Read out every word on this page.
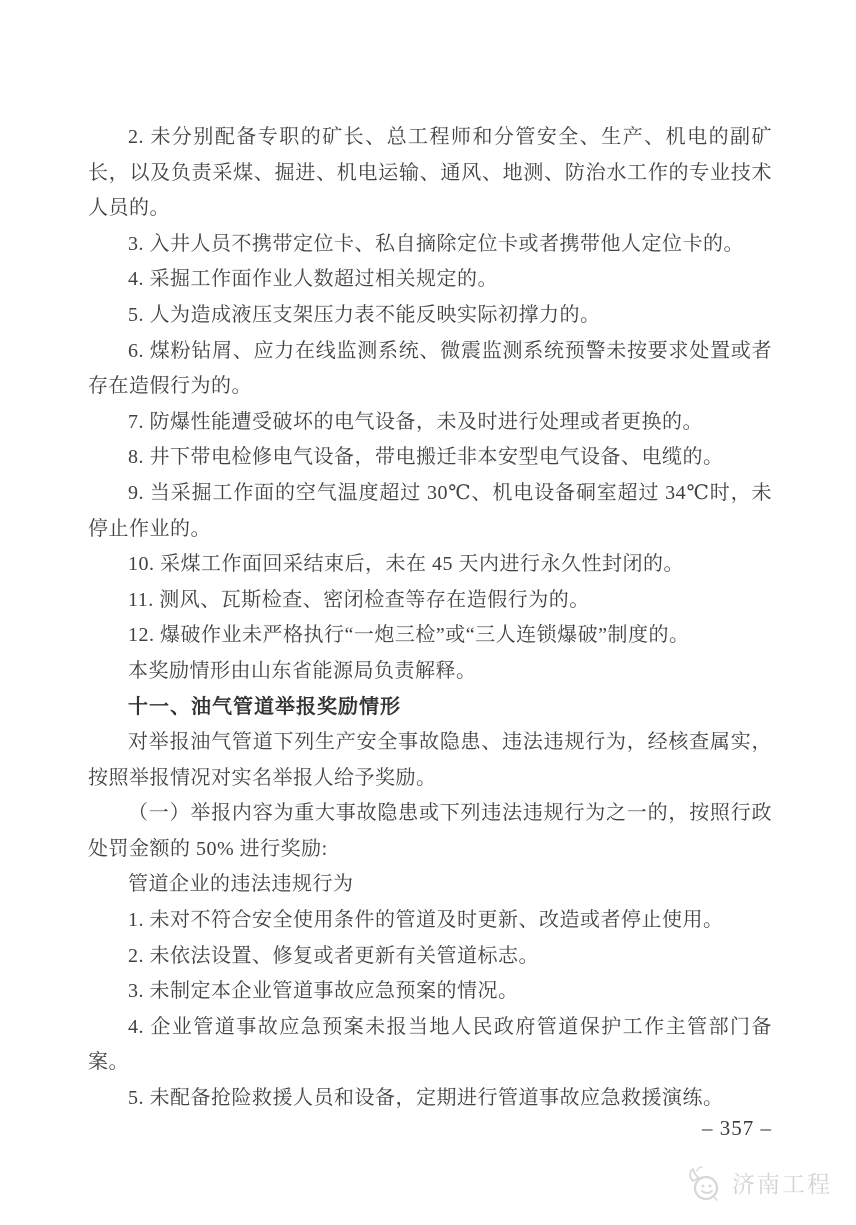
2. 未分别配备专职的矿长、总工程师和分管安全、生产、机电的副矿长，以及负责采煤、掘进、机电运输、通风、地测、防治水工作的专业技术人员的。

3. 入井人员不携带定位卡、私自摘除定位卡或者携带他人定位卡的。

4. 采掘工作面作业人数超过相关规定的。

5. 人为造成液压支架压力表不能反映实际初撑力的。

6. 煤粉钻屑、应力在线监测系统、微震监测系统预警未按要求处置或者存在造假行为的。

7. 防爆性能遭受破坏的电气设备，未及时进行处理或者更换的。

8. 井下带电检修电气设备，带电搬迁非本安型电气设备、电缆的。

9. 当采掘工作面的空气温度超过 30℃、机电设备硐室超过 34℃时，未停止作业的。

10. 采煤工作面回采结束后，未在 45 天内进行永久性封闭的。

11. 测风、瓦斯检查、密闭检查等存在造假行为的。

12. 爆破作业未严格执行“一炮三检”或“三人连锁爆破”制度的。

本奖励情形由山东省能源局负责解释。

十一、油气管道举报奖励情形

对举报油气管道下列生产安全事故隐患、违法违规行为，经核查属实，按照举报情况对实名举报人给予奖励。

（一）举报内容为重大事故隐患或下列违法违规行为之一的，按照行政处罚金额的 50% 进行奖励:

管道企业的违法违规行为

1. 未对不符合安全使用条件的管道及时更新、改造或者停止使用。

2. 未依法设置、修复或者更新有关管道标志。

3. 未制定本企业管道事故应急预案的情况。

4. 企业管道事故应急预案未报当地人民政府管道保护工作主管部门备案。

5. 未配备抢险救援人员和设备，定期进行管道事故应急救援演练。

– 357 –
济南工程
